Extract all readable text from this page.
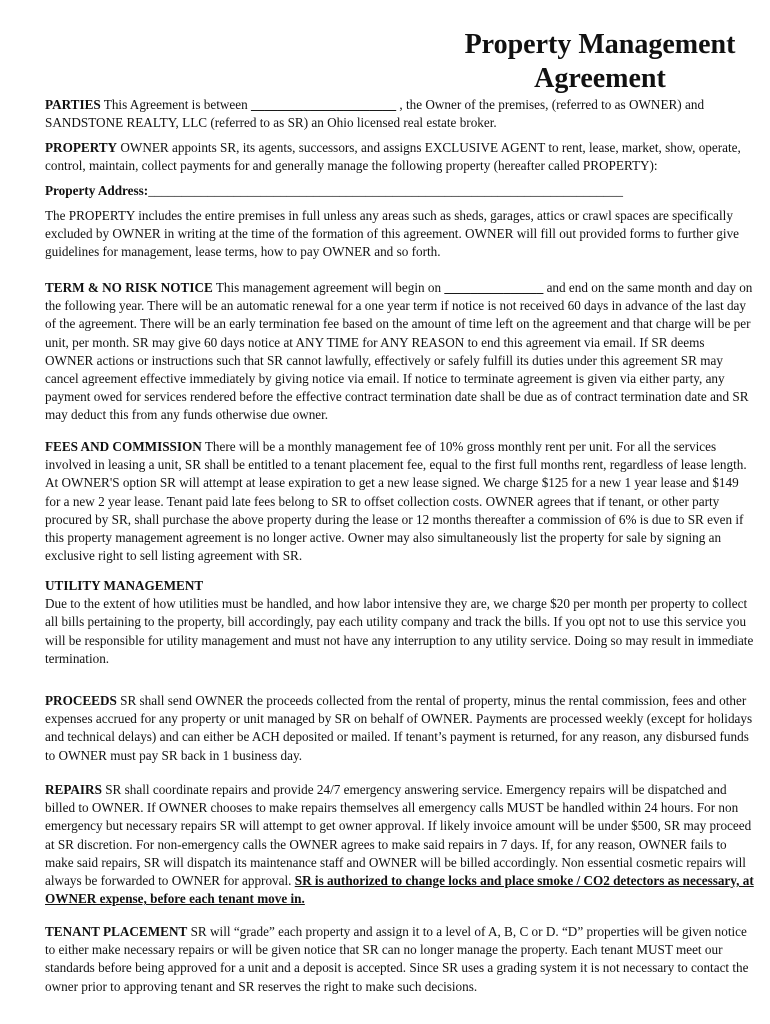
Property Management Agreement

PARTIES This Agreement is between ______________________ , the Owner of the premises, (referred to as OWNER) and SANDSTONE REALTY, LLC (referred to as SR) an Ohio licensed real estate broker.

PROPERTY OWNER appoints SR, its agents, successors, and assigns EXCLUSIVE AGENT to rent, lease, market, show, operate, control, maintain, collect payments for and generally manage the following property (hereafter called PROPERTY):

Property Address:________________________________________________________________________

The PROPERTY includes the entire premises in full unless any areas such as sheds, garages, attics or crawl spaces are specifically excluded by OWNER in writing at the time of the formation of this agreement. OWNER will fill out provided forms to further give guidelines for management, lease terms, how to pay OWNER and so forth.

TERM & NO RISK NOTICE This management agreement will begin on _______________ and end on the same month and day on the following year. There will be an automatic renewal for a one year term if notice is not received 60 days in advance of the last day of the agreement. There will be an early termination fee based on the amount of time left on the agreement and that charge will be per unit, per month. SR may give 60 days notice at ANY TIME for ANY REASON to end this agreement via email. If SR deems OWNER actions or instructions such that SR cannot lawfully, effectively or safely fulfill its duties under this agreement SR may cancel agreement effective immediately by giving notice via email. If notice to terminate agreement is given via either party, any payment owed for services rendered before the effective contract termination date shall be due as of contract termination date and SR may deduct this from any funds otherwise due owner.

FEES AND COMMISSION There will be a monthly management fee of 10% gross monthly rent per unit. For all the services involved in leasing a unit, SR shall be entitled to a tenant placement fee, equal to the first full months rent, regardless of lease length. At OWNER'S option SR will attempt at lease expiration to get a new lease signed. We charge $125 for a new 1 year lease and $149 for a new 2 year lease. Tenant paid late fees belong to SR to offset collection costs. OWNER agrees that if tenant, or other party procured by SR, shall purchase the above property during the lease or 12 months thereafter a commission of 6% is due to SR even if this property management agreement is no longer active. Owner may also simultaneously list the property for sale by signing an exclusive right to sell listing agreement with SR.

UTILITY MANAGEMENT
Due to the extent of how utilities must be handled, and how labor intensive they are, we charge $20 per month per property to collect all bills pertaining to the property, bill accordingly, pay each utility company and track the bills. If you opt not to use this service you will be responsible for utility management and must not have any interruption to any utility service. Doing so may result in immediate termination.

PROCEEDS SR shall send OWNER the proceeds collected from the rental of property, minus the rental commission, fees and other expenses accrued for any property or unit managed by SR on behalf of OWNER. Payments are processed weekly (except for holidays and technical delays) and can either be ACH deposited or mailed. If tenant’s payment is returned, for any reason, any disbursed funds to OWNER must pay SR back in 1 business day.

REPAIRS SR shall coordinate repairs and provide 24/7 emergency answering service. Emergency repairs will be dispatched and billed to OWNER. If OWNER chooses to make repairs themselves all emergency calls MUST be handled within 24 hours. For non emergency but necessary repairs SR will attempt to get owner approval. If likely invoice amount will be under $500, SR may proceed at SR discretion. For non-emergency calls the OWNER agrees to make said repairs in 7 days. If, for any reason, OWNER fails to make said repairs, SR will dispatch its maintenance staff and OWNER will be billed accordingly. Non essential cosmetic repairs will always be forwarded to OWNER for approval. SR is authorized to change locks and place smoke / CO2 detectors as necessary, at OWNER expense, before each tenant move in.

TENANT PLACEMENT SR will “grade” each property and assign it to a level of A, B, C or D. “D” properties will be given notice to either make necessary repairs or will be given notice that SR can no longer manage the property. Each tenant MUST meet our standards before being approved for a unit and a deposit is accepted. Since SR uses a grading system it is not necessary to contact the owner prior to approving tenant and SR reserves the right to make such decisions.
